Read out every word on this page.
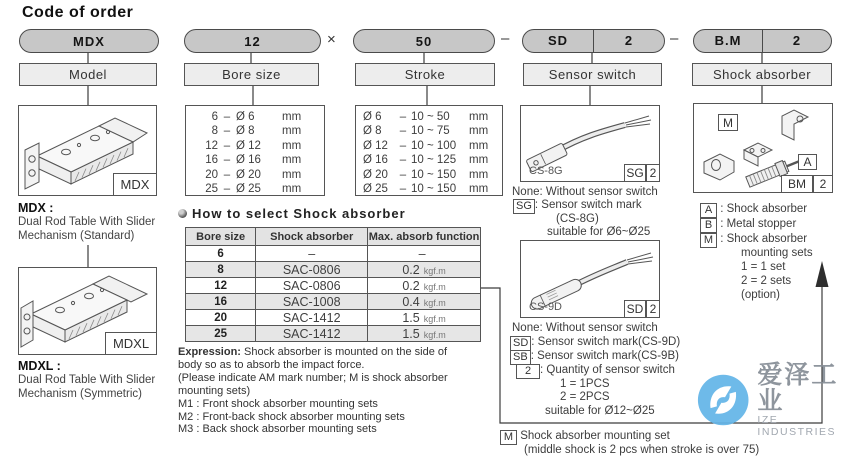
Code of order
MDX	12	×	50	–	SD	2	–	B.M	2
Model	Bore size	Stroke	Sensor switch	Shock absorber
MDX
MDX :
Dual Rod Table With Slider
Mechanism (Standard)
MDXL
MDXL :
Dual Rod Table With Slider
Mechanism (Symmetric)
6 – Ø 6	mm
8 – Ø 8	mm
12 – Ø 12	mm
16 – Ø 16	mm
20 – Ø 20	mm
25 – Ø 25	mm
Ø 6	– 10 ~ 50	mm
Ø 8	– 10 ~ 75	mm
Ø 12	– 10 ~ 100	mm
Ø 16	– 10 ~ 125	mm
Ø 20	– 10 ~ 150	mm
Ø 25	– 10 ~ 150	mm
How to select Shock absorber
Bore size	Shock absorber	Max. absorb function
6	–	–
8	SAC-0806	0.2 kgf.m
12	SAC-0806	0.2 kgf.m
16	SAC-1008	0.4 kgf.m
20	SAC-1412	1.5 kgf.m
25	SAC-1412	1.5 kgf.m
Expression: Shock absorber is mounted on the side of
body so as to absorb the impact force.
(Please indicate AM mark number; M is shock absorber
mounting sets)
M1 : Front shock absorber mounting sets
M2 : Front-back shock absorber mounting sets
M3 : Back shock absorber mounting sets
CS-8G	SG 2
None: Without sensor switch
SG : Sensor switch mark
(CS-8G)
suitable for Ø6~Ø25
CS-9D	SD 2
None: Without sensor switch
SD : Sensor switch mark(CS-9D)
SB : Sensor switch mark(CS-9B)
2 : Quantity of sensor switch
1 = 1PCS
2 = 2PCS
suitable for Ø12~Ø25
M
A
BM	2
A : Shock absorber
B : Metal stopper
M : Shock absorber
mounting sets
1 = 1 set
2 = 2 sets
(option)
M Shock absorber mounting set
(middle shock is 2 pcs when stroke is over 75)
爱泽工业
IZE INDUSTRIES
